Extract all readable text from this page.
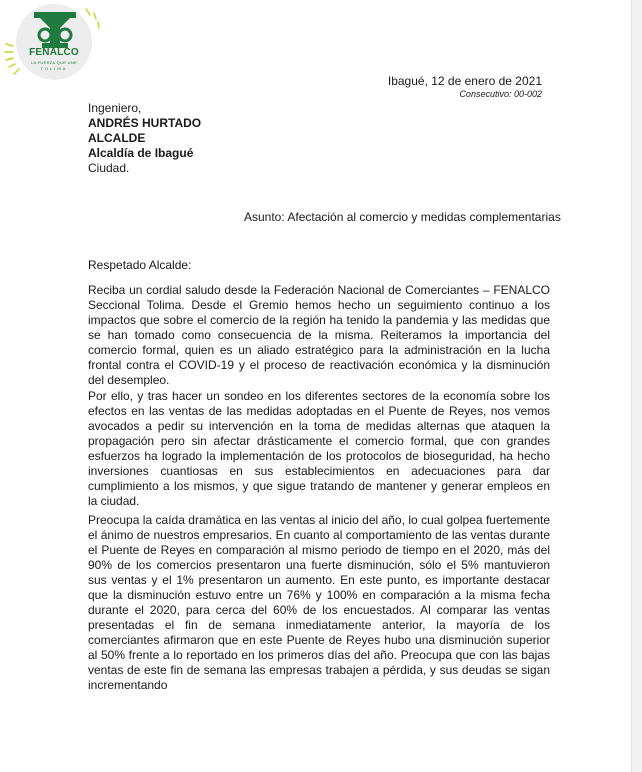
FENALCO
LA FUERZA QUE UNE
TOLIMA
Ibagué, 12 de enero de 2021
Consecutivo: 00-002
Ingeniero,
ANDRÉS HURTADO
ALCALDE
Alcaldía de Ibagué
Ciudad.
Asunto: Afectación al comercio y medidas complementarias
Respetado Alcalde:

Reciba un cordial saludo desde la Federación Nacional de Comerciantes – FENALCO Seccional Tolima. Desde el Gremio hemos hecho un seguimiento continuo a los impactos que sobre el comercio de la región ha tenido la pandemia y las medidas que se han tomado como consecuencia de la misma. Reiteramos la importancia del comercio formal, quien es un aliado estratégico para la administración en la lucha frontal contra el COVID-19 y el proceso de reactivación económica y la disminución del desempleo.

Por ello, y tras hacer un sondeo en los diferentes sectores de la economía sobre los efectos en las ventas de las medidas adoptadas en el Puente de Reyes, nos vemos avocados a pedir su intervención en la toma de medidas alternas que ataquen la propagación pero sin afectar drásticamente el comercio formal, que con grandes esfuerzos ha logrado la implementación de los protocolos de bioseguridad, ha hecho inversiones cuantiosas en sus establecimientos en adecuaciones para dar cumplimiento a los mismos, y que sigue tratando de mantener y generar empleos en la ciudad.

Preocupa la caída dramática en las ventas al inicio del año, lo cual golpea fuertemente el ánimo de nuestros empresarios. En cuanto al comportamiento de las ventas durante el Puente de Reyes en comparación al mismo periodo de tiempo en el 2020, más del 90% de los comercios presentaron una fuerte disminución, sólo el 5% mantuvieron sus ventas y el 1% presentaron un aumento. En este punto, es importante destacar que la disminución estuvo entre un 76% y 100% en comparación a la misma fecha durante el 2020, para cerca del 60% de los encuestados. Al comparar las ventas presentadas el fin de semana inmediatamente anterior, la mayoría de los comerciantes afirmaron que en este Puente de Reyes hubo una disminución superior al 50% frente a lo reportado en los primeros días del año. Preocupa que con las bajas ventas de este fin de semana las empresas trabajen a pérdida, y sus deudas se sigan incrementando
